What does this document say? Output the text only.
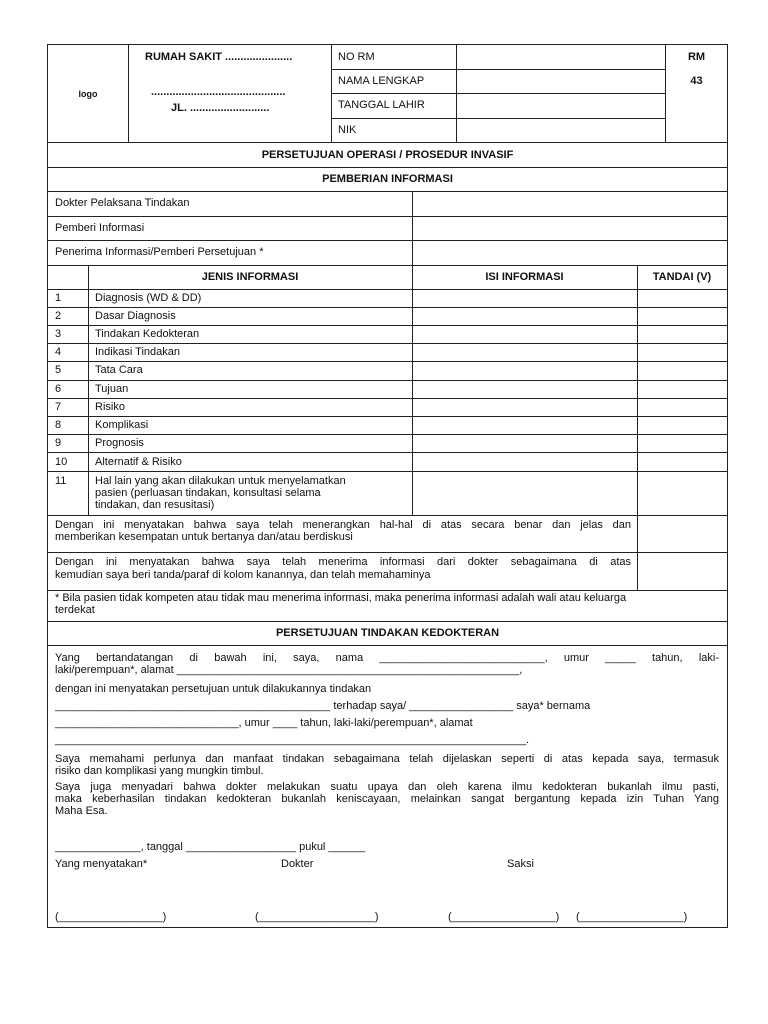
logo
RUMAH SAKIT ......................
............................................
JL. ..........................
NO RM
NAMA LENGKAP
TANGGAL LAHIR
NIK
RM
43
PERSETUJUAN OPERASI / PROSEDUR INVASIF
PEMBERIAN INFORMASI
Dokter Pelaksana Tindakan
Pemberi Informasi
Penerima Informasi/Pemberi Persetujuan *
JENIS INFORMASI	ISI INFORMASI	TANDAI (V)
1	Diagnosis (WD & DD)
2	Dasar Diagnosis
3	Tindakan Kedokteran
4	Indikasi Tindakan
5	Tata Cara
6	Tujuan
7	Risiko
8	Komplikasi
9	Prognosis
10	Alternatif & Risiko
11	Hal lain yang akan dilakukan untuk menyelamatkan
pasien (perluasan tindakan, konsultasi selama
tindakan, dan resusitasi)
Dengan ini menyatakan bahwa saya telah menerangkan hal-hal di atas secara benar dan jelas dan
memberikan kesempatan untuk bertanya dan/atau berdiskusi
Dengan ini menyatakan bahwa saya telah menerima informasi dari dokter sebagaimana di atas
kemudian saya beri tanda/paraf di kolom kanannya, dan telah memahaminya
* Bila pasien tidak kompeten atau tidak mau menerima informasi, maka penerima informasi adalah wali atau keluarga
terdekat
PERSETUJUAN TINDAKAN KEDOKTERAN
Yang bertandatangan di bawah ini, saya, nama ___________________________, umur _____ tahun, laki-
laki/perempuan*, alamat ________________________________________________________,
dengan ini menyatakan persetujuan untuk dilakukannya tindakan
_____________________________________________ terhadap saya/ _________________ saya* bernama
______________________________, umur ____ tahun, laki-laki/perempuan*, alamat
_____________________________________________________________________________.
Saya memahami perlunya dan manfaat tindakan sebagaimana telah dijelaskan seperti di atas kepada saya, termasuk
risiko dan komplikasi yang mungkin timbul.
Saya juga menyadari bahwa dokter melakukan suatu upaya dan oleh karena ilmu kedokteran bukanlah ilmu pasti,
maka keberhasilan tindakan kedokteran bukanlah keniscayaan, melainkan sangat bergantung kepada izin Tuhan Yang
Maha Esa.
______________, tanggal __________________ pukul ______
Yang menyatakan*	Dokter	Saksi
(_________________)	(___________________)	(_________________) (_________________)
